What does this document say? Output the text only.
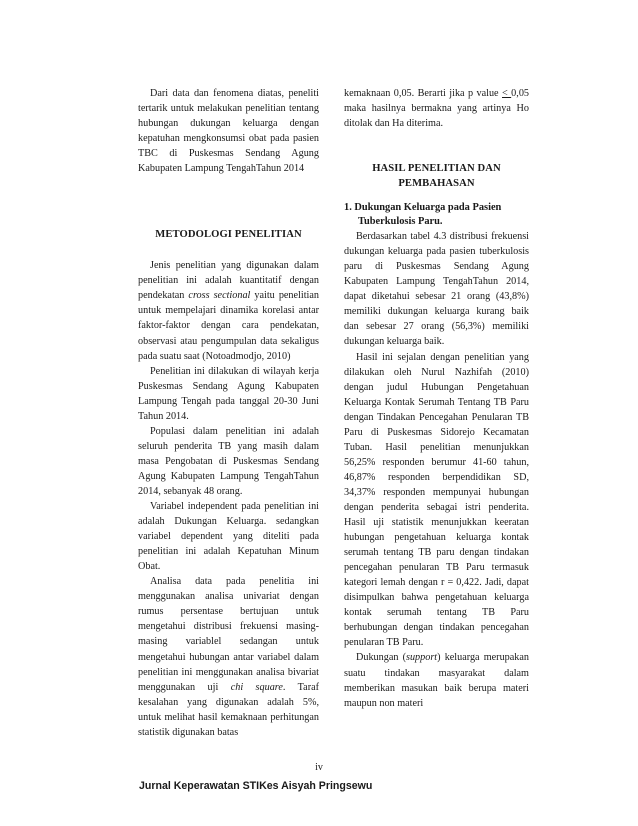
Dari data dan fenomena diatas, peneliti tertarik untuk melakukan penelitian tentang hubungan dukungan keluarga dengan kepatuhan mengkonsumsi obat pada pasien TBC di Puskesmas Sendang Agung Kabupaten Lampung TengahTahun 2014

METODOLOGI PENELITIAN

Jenis penelitian yang digunakan dalam penelitian ini adalah kuantitatif dengan pendekatan cross sectional yaitu penelitian untuk mempelajari dinamika korelasi antar faktor-faktor dengan cara pendekatan, observasi atau pengumpulan data sekaligus pada suatu saat (Notoadmodjo, 2010)

Penelitian ini dilakukan di wilayah kerja Puskesmas Sendang Agung Kabupaten Lampung Tengah pada tanggal 20-30 Juni Tahun 2014.

Populasi dalam penelitian ini adalah seluruh penderita TB yang masih dalam masa Pengobatan di Puskesmas Sendang Agung Kabupaten Lampung TengahTahun 2014, sebanyak 48 orang.

Variabel independent pada penelitian ini adalah Dukungan Keluarga. sedangkan variabel dependent yang diteliti pada penelitian ini adalah Kepatuhan Minum Obat.

Analisa data pada penelitia ini menggunakan analisa univariat dengan rumus persentase bertujuan untuk mengetahui distribusi frekuensi masing-masing variablel sedangan untuk mengetahui hubungan antar variabel dalam penelitian ini menggunakan analisa bivariat menggunakan uji chi square. Taraf kesalahan yang digunakan adalah 5%, untuk melihat hasil kemaknaan perhitungan statistik digunakan batas

kemaknaan 0,05. Berarti jika p value < 0,05 maka hasilnya bermakna yang artinya Ho ditolak dan Ha diterima.

HASIL PENELITIAN DAN PEMBAHASAN
1. Dukungan Keluarga pada Pasien Tuberkulosis Paru.

Berdasarkan tabel 4.3 distribusi frekuensi dukungan keluarga pada pasien tuberkulosis paru di Puskesmas Sendang Agung Kabupaten Lampung TengahTahun 2014, dapat diketahui sebesar 21 orang (43,8%) memiliki dukungan keluarga kurang baik dan sebesar 27 orang (56,3%) memiliki dukungan keluarga baik.

Hasil ini sejalan dengan penelitian yang dilakukan oleh Nurul Nazhifah (2010) dengan judul Hubungan Pengetahuan Keluarga Kontak Serumah Tentang TB Paru dengan Tindakan Pencegahan Penularan TB Paru di Puskesmas Sidorejo Kecamatan Tuban. Hasil penelitian menunjukkan 56,25% responden berumur 41-60 tahun, 46,87% responden berpendidikan SD, 34,37% responden mempunyai hubungan dengan penderita sebagai istri penderita. Hasil uji statistik menunjukkan keeratan hubungan pengetahuan keluarga kontak serumah tentang TB paru dengan tindakan pencegahan penularan TB Paru termasuk kategori lemah dengan r = 0,422. Jadi, dapat disimpulkan bahwa pengetahuan keluarga kontak serumah tentang TB Paru berhubungan dengan tindakan pencegahan penularan TB Paru.

Dukungan (support) keluarga merupakan suatu tindakan masyarakat dalam memberikan masukan baik berupa materi maupun non materi

iv
Jurnal Keperawatan STIKes Aisyah Pringsewu
